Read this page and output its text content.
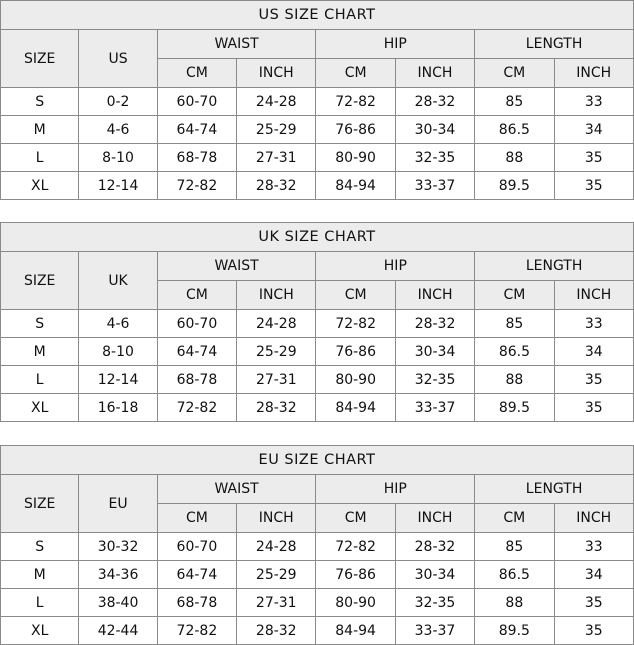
US SIZE CHART							
SIZE	US	WAIST		HIP		LENGTH	
		CM	INCH	CM	INCH	CM	INCH
S	0-2	60-70	24-28	72-82	28-32	85	33
M	4-6	64-74	25-29	76-86	30-34	86.5	34
L	8-10	68-78	27-31	80-90	32-35	88	35
XL	12-14	72-82	28-32	84-94	33-37	89.5	35
UK SIZE CHART							
SIZE	UK	WAIST		HIP		LENGTH	
		CM	INCH	CM	INCH	CM	INCH
S	4-6	60-70	24-28	72-82	28-32	85	33
M	8-10	64-74	25-29	76-86	30-34	86.5	34
L	12-14	68-78	27-31	80-90	32-35	88	35
XL	16-18	72-82	28-32	84-94	33-37	89.5	35
EU SIZE CHART							
SIZE	EU	WAIST		HIP		LENGTH	
		CM	INCH	CM	INCH	CM	INCH
S	30-32	60-70	24-28	72-82	28-32	85	33
M	34-36	64-74	25-29	76-86	30-34	86.5	34
L	38-40	68-78	27-31	80-90	32-35	88	35
XL	42-44	72-82	28-32	84-94	33-37	89.5	35
